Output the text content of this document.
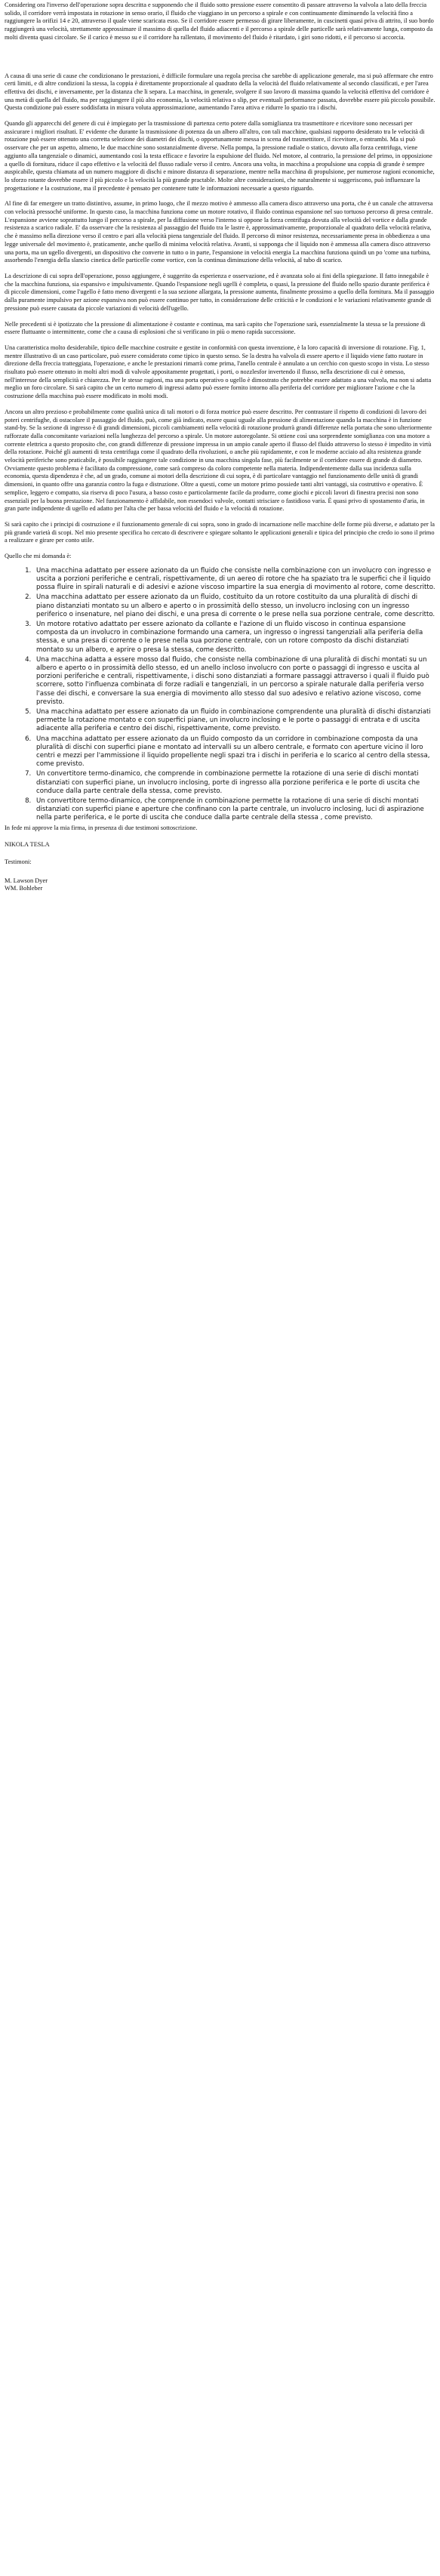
Considering ora l'inverso dell'operazione sopra descritta e supponendo che il fluido sotto pressione essere consentito di passare attraverso la valvola a lato della freccia solido, il corridore verrà impostata in rotazione in senso orario, il fluido che viaggiano in un percorso a spirale e con continuamente diminuendo la velocità fino a raggiungere la orifizi 14 e 20, attraverso il quale viene scaricata esso. Se il corridore essere permesso di girare liberamente, in cuscinetti quasi priva di attrito, il suo bordo raggiungerà una velocità, strettamente approssimare il massimo di quella del fluido adiacenti e il percorso a spirale delle particelle sarà relativamente lunga, composto da molti diventa quasi circolare. Se il carico è messo su e il corridore ha rallentato, il movimento del fluido è ritardato, i giri sono ridotti, e il percorso si accorcia.

A causa di una serie di cause che condizionano le prestazioni, è difficile formulare una regola precisa che sarebbe di applicazione generale, ma si può affermare che entro certi limiti, e di altre condizioni la stessa, la coppia è direttamente proporzionale al quadrato della la velocità del fluido relativamente al secondo classificati, e per l'area effettiva dei dischi, e inversamente, per la distanza che li separa. La macchina, in generale, svolgere il suo lavoro di massima quando la velocità effettiva del corridore è una metà di quella del fluido, ma per raggiungere il più alto economia, la velocità relativa o slip, per eventuali performance passata, dovrebbe essere più piccolo possibile. Questa condizione può essere soddisfatta in misura voluta approssimazione, aumentando l'area attiva e ridurre lo spazio tra i dischi.

Quando gli apparecchi del genere di cui è impiegato per la trasmissione di partenza certo potere dalla somiglianza tra trasmettitore e ricevitore sono necessari per assicurare i migliori risultati. E' evidente che durante la trasmissione di potenza da un albero all'altro, con tali macchine, qualsiasi rapporto desiderato tra le velocità di rotazione può essere ottenuto una corretta selezione dei diametri dei dischi, o opportunamente messa in scena del trasmettitore, il ricevitore, o entrambi. Ma si può osservare che per un aspetto, almeno, le due macchine sono sostanzialmente diverse. Nella pompa, la pressione radiale o statico, dovuto alla forza centrifuga, viene aggiunto alla tangenziale o dinamici, aumentando così la testa efficace e favorire la espulsione del fluido. Nel motore, al contrario, la pressione del primo, in opposizione a quello di fornitura, riduce il capo effettivo e la velocità del flusso radiale verso il centro. Ancora una volta, in macchina a propulsione una coppia di grande è sempre auspicabile, questa chiamata ad un numero maggiore di dischi e minore distanza di separazione, mentre nella macchina di propulsione, per numerose ragioni economiche, lo sforzo rotante dovrebbe essere il più piccolo e la velocità la più grande practable. Molte altre considerazioni, che naturalmente si suggeriscono, può influenzare la progettazione e la costruzione, ma il precedente è pensato per contenere tutte le informazioni necessarie a questo riguardo.

Al fine di far emergere un tratto distintivo, assume, in primo luogo, che il mezzo motivo è ammesso alla camera disco attraverso una porta, che è un canale che attraversa con velocità pressoché uniforme. In questo caso, la macchina funziona come un motore rotativo, il fluido continua espansione nel suo tortuoso percorso di presa centrale. L'espansione avviene soprattutto lungo il percorso a spirale, per la diffusione verso l'interno si oppone la forza centrifuga dovuta alla velocità del vortice e dalla grande resistenza a scarico radiale. E' da osservare che la resistenza al passaggio del fluido tra le lastre è, approssimativamente, proporzionale al quadrato della velocità relativa, che è massimo nella direzione verso il centro e pari alla velocità piena tangenziale del fluido. Il percorso di minor resistenza, necessariamente presa in obbedienza a una legge universale del movimento è, praticamente, anche quello di minima velocità relativa. Avanti, si supponga che il liquido non è ammessa alla camera disco attraverso una porta, ma un ugello divergenti, un dispositivo che converte in tutto o in parte, l'espansione in velocità energia La macchina funziona quindi un po 'come una turbina, assorbendo l'energia della slancio cinetica delle particelle come vortice, con la continua diminuzione della velocità, al tubo di scarico.

La descrizione di cui sopra dell'operazione, posso aggiungere, è suggerito da esperienza e osservazione, ed è avanzata solo ai fini della spiegazione. Il fatto innegabile è che la macchina funziona, sia espansivo e impulsivamente. Quando l'espansione negli ugelli è completa, o quasi, la pressione del fluido nello spazio durante periferica è di piccole dimensioni, come l'ugello è fatto meno divergenti e la sua sezione allargata, la pressione aumenta, finalmente prossimo a quello della fornitura. Ma il passaggio dalla puramente impulsivo per azione espansiva non può essere continuo per tutto, in considerazione delle criticità e le condizioni e le variazioni relativamente grande di pressione può essere causata da piccole variazioni di velocità dell'ugello.

Nelle precedenti si è ipotizzato che la pressione di alimentazione è costante e continua, ma sarà capito che l'operazione sarà, essenzialmente la stessa se la pressione di essere fluttuante o intermittente, come che a causa di esplosioni che si verificano in più o meno rapida successione.

Una caratteristica molto desiderabile, tipico delle macchine costruite e gestite in conformità con questa invenzione, è la loro capacità di inversione di rotazione. Fig. 1, mentre illustrativo di un caso particolare, può essere considerato come tipico in questo senso. Se la destra ha valvola di essere aperto e il liquido viene fatto ruotare in direzione della freccia tratteggiata, l'operazione, e anche le prestazioni rimarrà come prima, l'anello centrale è annulato a un cerchio con questo scopo in vista. Lo stesso risultato può essere ottenuto in molti altri modi di valvole appositamente progettati, i porti, o nozzlesfor invertendo il flusso, nella descrizione di cui è omesso, nell'interesse della semplicità e chiarezza. Per le stesse ragioni, ma una porta operativo o ugello è dimostrato che potrebbe essere adattato a una valvola, ma non si adatta meglio un foro circolare. Si sarà capito che un certo numero di ingressi adatto può essere fornito intorno alla periferia del corridore per migliorare l'azione e che la costruzione della macchina può essere modificato in molti modi.

Ancora un altro prezioso e probabilmente come qualità unica di tali motori o di forza motrice può essere descritto. Per contrastare il rispetto di condizioni di lavoro dei poteri centrifughe, di ostacolare il passaggio del fluido, può, come già indicato, essere quasi uguale alla pressione di alimentazione quando la macchina è in funzione stand-by. Se la sezione di ingresso è di grandi dimensioni, piccoli cambiamenti nella velocità di rotazione produrrà grandi differenze nella portata che sono ulteriormente rafforzate dalla concomitante variazioni nella lunghezza del percorso a spirale. Un motore autoregolante. Si ottiene così una sorprendente somiglianza con una motore a corrente elettrica a questo proposito che, con grandi differenze di pressione impressa in un ampio canale aperto il flusso del fluido attraverso lo stesso è impedito in virtù della rotazione. Poiché gli aumenti di testa centrifuga come il quadrato della rivoluzioni, o anche più rapidamente, e con le moderne acciaio ad alta resistenza grande velocità periferiche sono praticabile, è possibile raggiungere tale condizione in una macchina singola fase, più facilmente se il corridore essere di grande di diametro. Ovviamente questo problema è facilitato da compressione, come sarà compreso da coloro competente nella materia. Indipendentemente dalla sua incidenza sulla economia, questa dipendenza è che, ad un grado, comune ai motori della descrizione di cui sopra, è di particolare vantaggio nel funzionamento delle unità di grandi dimensioni, in quanto offre una garanzia contro la fuga e distruzione. Oltre a questi, come un motore primo possiede tanti altri vantaggi, sia costruttivo e operativo. È semplice, leggero e compatto, sia riserva di poco l'usura, a basso costo e particolarmente facile da produrre, come giochi e piccoli lavori di finestra precisi non sono essenziali per la buona prestazione. Nel funzionamento è affidabile, non essendoci valvole, contatti strisciare o fastidioso varia. È quasi privo di spostamento d'aria, in gran parte indipendente di ugello ed adatto per l'alta che per bassa velocità del fluido e la velocità di rotazione.

Si sarà capito che i principi di costruzione e il funzionamento generale di cui sopra, sono in grado di incarnazione nelle macchine delle forme più diverse, e adattato per la più grande varietà di scopi. Nel mio presente specifica ho cercato di descrivere e spiegare soltanto le applicazioni generali e tipica del principio che credo io sono il primo a realizzare e girare per conto utile.

Quello che mi domanda è:

1. Una macchina adattato per essere azionato da un fluido che consiste nella combinazione con un involucro con ingresso e uscita a porzioni periferiche e centrali, rispettivamente, di un aereo di rotore che ha spaziato tra le superfici che il liquido possa fluire in spirali naturali e di adesivi e azione viscoso impartire la sua energia di movimento al rotore, come descritto.
2. Una macchina adattato per essere azionato da un fluido, costituito da un rotore costituito da una pluralità di dischi di piano distanziati montato su un albero e aperto o in prossimità dello stesso, un involucro inclosing con un ingresso periferico o insenature, nel piano dei dischi, e una presa di corrente o le prese nella sua porzione centrale, come descritto.
3. Un motore rotativo adattato per essere azionato da collante e l'azione di un fluido viscoso in continua espansione composta da un involucro in combinazione formando una camera, un ingresso o ingressi tangenziali alla periferia della stessa, e una presa di corrente o le prese nella sua porzione centrale, con un rotore composto da dischi distanziati montato su un albero, e aprire o presa la stessa, come descritto.
4. Una macchina adatta a essere mosso dal fluido, che consiste nella combinazione di una pluralità di dischi montati su un albero e aperto o in prossimità dello stesso, ed un anello incloso involucro con porte o passaggi di ingresso e uscita al porzioni periferiche e centrali, rispettivamente, i dischi sono distanziati a formare passaggi attraverso i quali il fluido può scorrere, sotto l'influenza combinata di forze radiali e tangenziali, in un percorso a spirale naturale dalla periferia verso l'asse dei dischi, e conversare la sua energia di movimento allo stesso dal suo adesivo e relativo azione viscoso, come previsto.
5. Una macchina adattato per essere azionato da un fluido in combinazione comprendente una pluralità di dischi distanziati permette la rotazione montato e con superfici piane, un involucro inclosing e le porte o passaggi di entrata e di uscita adiacente alla periferia e centro dei dischi, rispettivamente, come previsto.
6. Una macchina adattato per essere azionato da un fluido composto da un corridore in combinazione composta da una pluralità di dischi con superfici piane e montato ad intervalli su un albero centrale, e formato con aperture vicino il loro centri e mezzi per l'ammissione il liquido propellente negli spazi tra i dischi in periferia e lo scarico al centro della stessa, come previsto.
7. Un convertitore termo-dinamico, che comprende in combinazione permette la rotazione di una serie di dischi montati distanziati con superfici piane, un involucro inclosing, porte di ingresso alla porzione periferica e le porte di uscita che conduce dalla parte centrale della stessa, come previsto.
8. Un convertitore termo-dinamico, che comprende in combinazione permette la rotazione di una serie di dischi montati distanziati con superfici piane e aperture che confinano con la parte centrale, un involucro inclosing, luci di aspirazione nella parte periferica, e le porte di uscita che conduce dalla parte centrale della stessa , come previsto.

In fede mi approve la mia firma, in presenza di due testimoni sottoscrizione.

NIKOLA TESLA

Testimoni:

M. Lawson Dyer

WM. Bohleber
